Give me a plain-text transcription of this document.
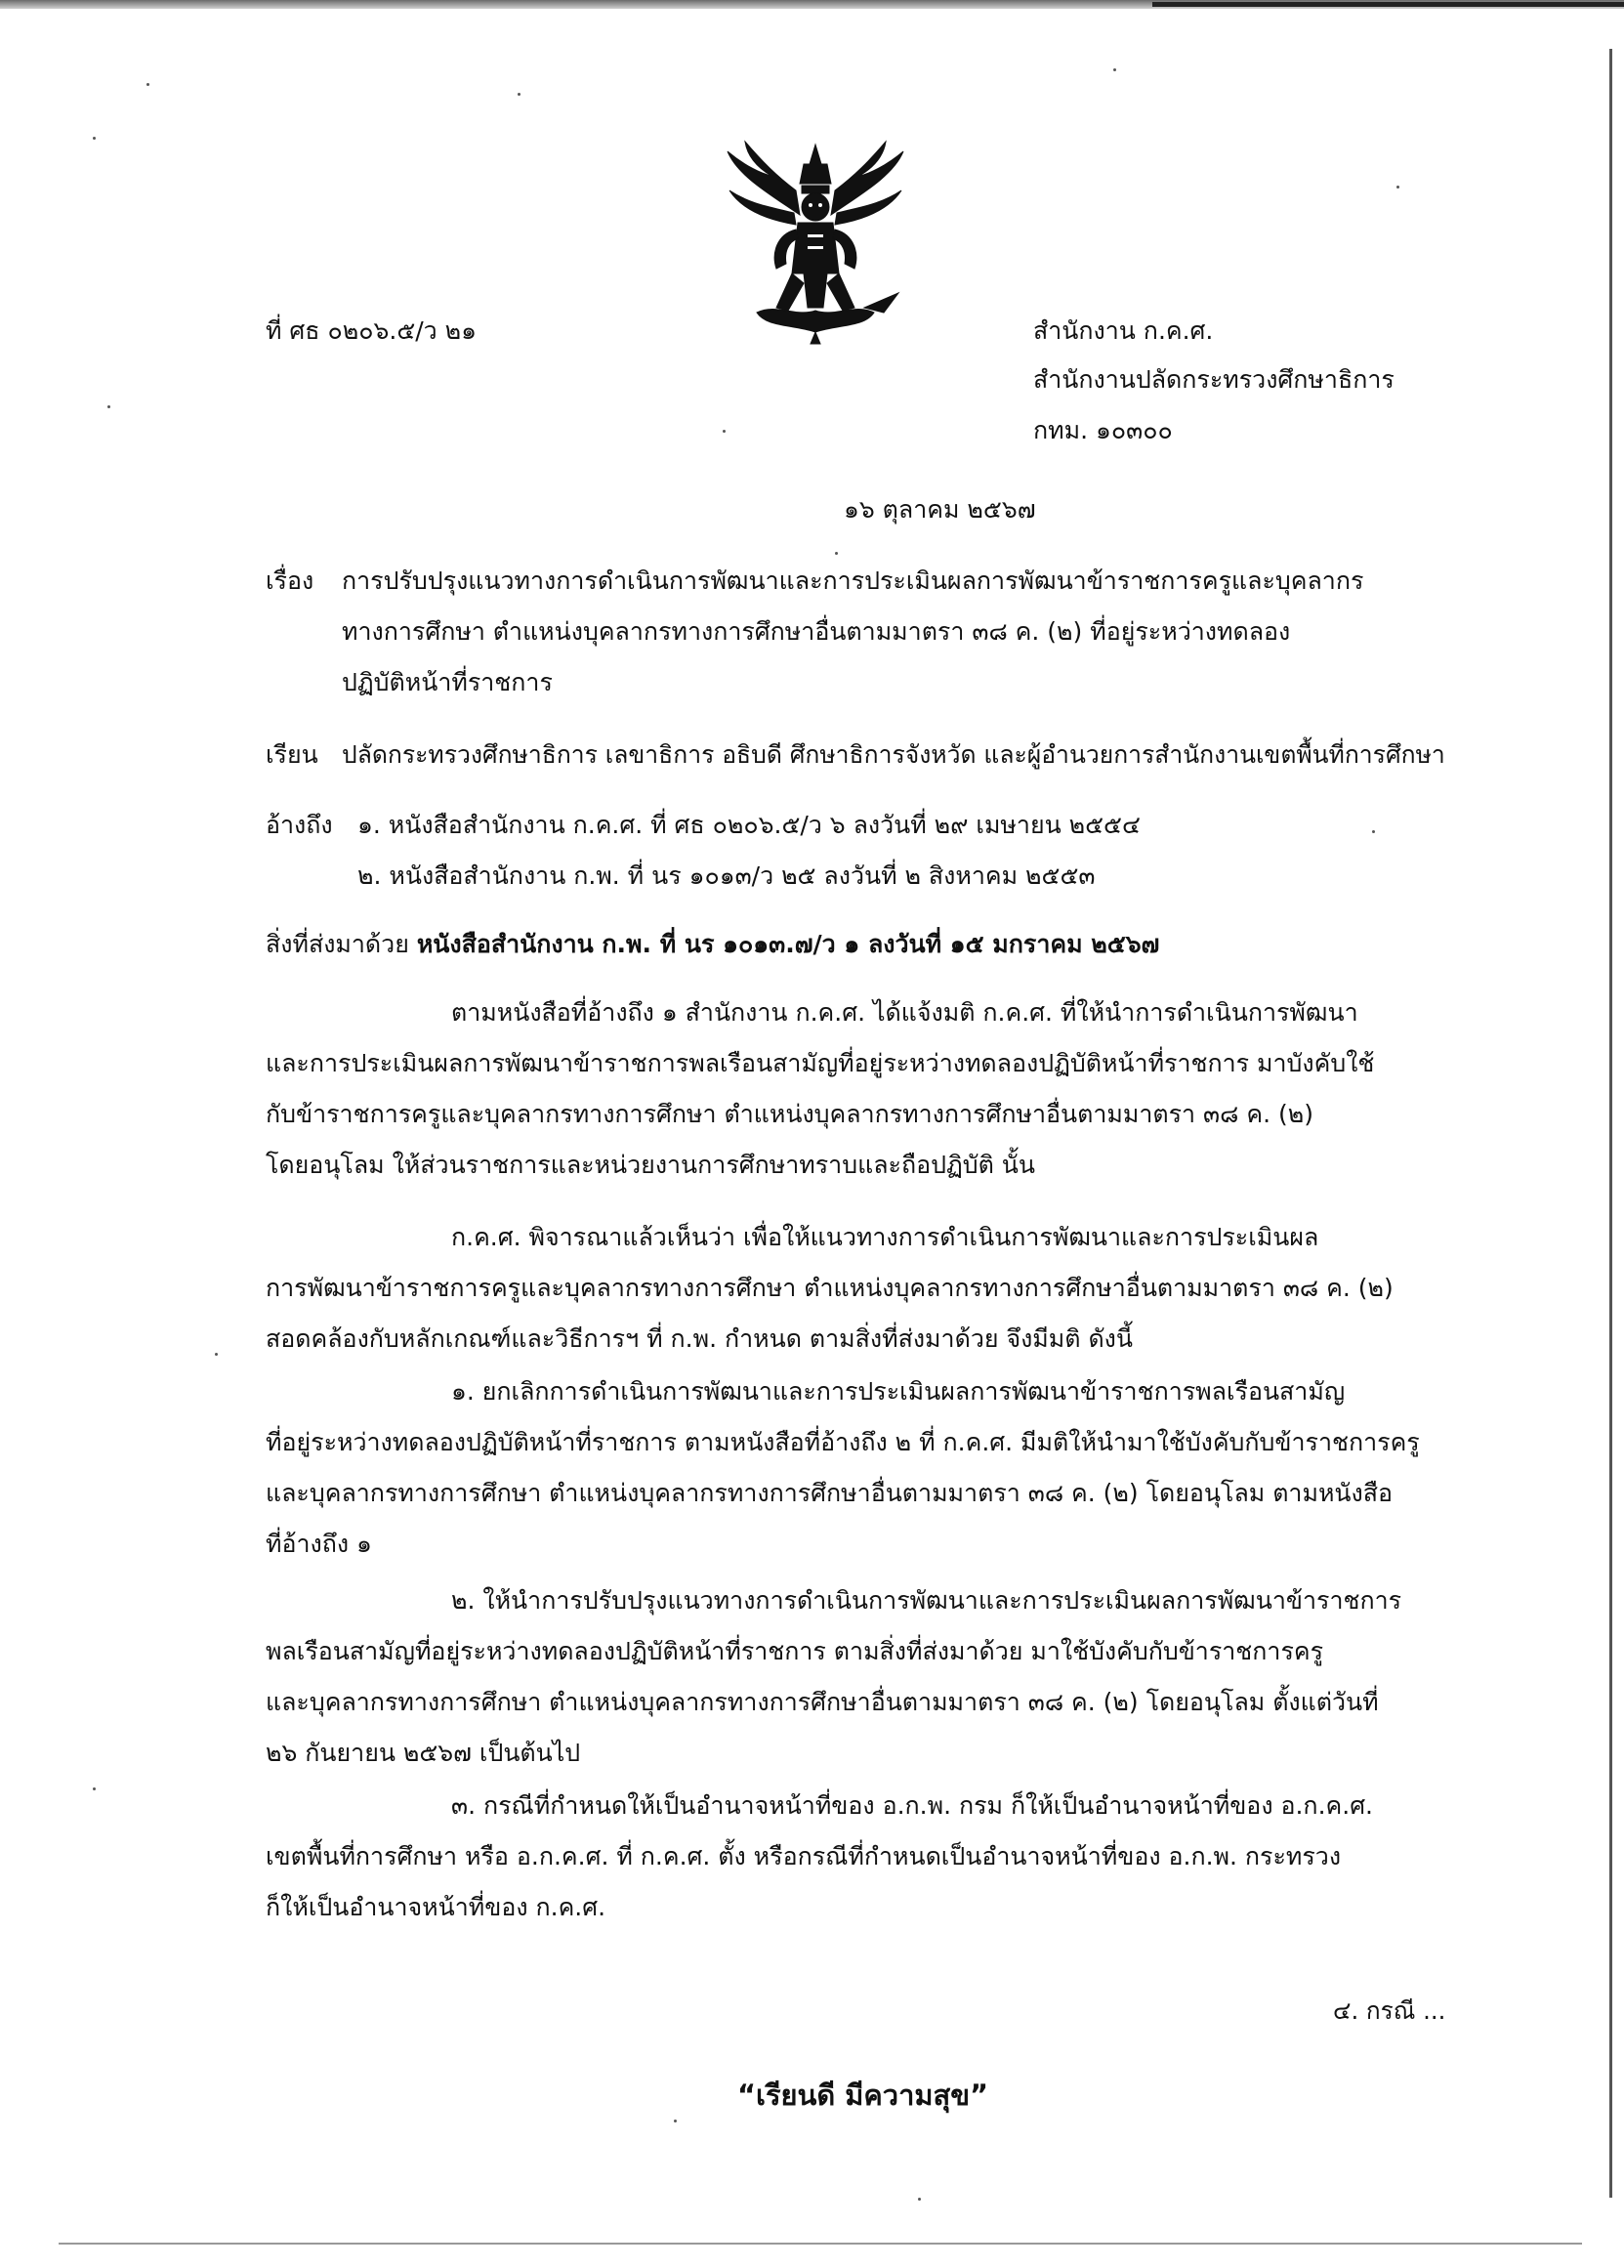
ที่ ศธ ๐๒๐๖.๕/ว ๒๑	สำนักงาน ก.ค.ศ.
สำนักงานปลัดกระทรวงศึกษาธิการ
กทม. ๑๐๓๐๐
๑๖ ตุลาคม ๒๕๖๗
เรื่อง การปรับปรุงแนวทางการดำเนินการพัฒนาและการประเมินผลการพัฒนาข้าราชการครูและบุคลากร
ทางการศึกษา ตำแหน่งบุคลากรทางการศึกษาอื่นตามมาตรา ๓๘ ค. (๒) ที่อยู่ระหว่างทดลอง
ปฏิบัติหน้าที่ราชการ
เรียน ปลัดกระทรวงศึกษาธิการ เลขาธิการ อธิบดี ศึกษาธิการจังหวัด และผู้อำนวยการสำนักงานเขตพื้นที่การศึกษา
อ้างถึง ๑. หนังสือสำนักงาน ก.ค.ศ. ที่ ศธ ๐๒๐๖.๕/ว ๖ ลงวันที่ ๒๙ เมษายน ๒๕๕๔
๒. หนังสือสำนักงาน ก.พ. ที่ นร ๑๐๑๓/ว ๒๕ ลงวันที่ ๒ สิงหาคม ๒๕๕๓
สิ่งที่ส่งมาด้วย หนังสือสำนักงาน ก.พ. ที่ นร ๑๐๑๓.๗/ว ๑ ลงวันที่ ๑๕ มกราคม ๒๕๖๗
ตามหนังสือที่อ้างถึง ๑ สำนักงาน ก.ค.ศ. ได้แจ้งมติ ก.ค.ศ. ที่ให้นำการดำเนินการพัฒนา
และการประเมินผลการพัฒนาข้าราชการพลเรือนสามัญที่อยู่ระหว่างทดลองปฏิบัติหน้าที่ราชการ มาบังคับใช้
กับข้าราชการครูและบุคลากรทางการศึกษา ตำแหน่งบุคลากรทางการศึกษาอื่นตามมาตรา ๓๘ ค. (๒)
โดยอนุโลม ให้ส่วนราชการและหน่วยงานการศึกษาทราบและถือปฏิบัติ นั้น
ก.ค.ศ. พิจารณาแล้วเห็นว่า เพื่อให้แนวทางการดำเนินการพัฒนาและการประเมินผล
การพัฒนาข้าราชการครูและบุคลากรทางการศึกษา ตำแหน่งบุคลากรทางการศึกษาอื่นตามมาตรา ๓๘ ค. (๒)
สอดคล้องกับหลักเกณฑ์และวิธีการฯ ที่ ก.พ. กำหนด ตามสิ่งที่ส่งมาด้วย จึงมีมติ ดังนี้
๑. ยกเลิกการดำเนินการพัฒนาและการประเมินผลการพัฒนาข้าราชการพลเรือนสามัญ
ที่อยู่ระหว่างทดลองปฏิบัติหน้าที่ราชการ ตามหนังสือที่อ้างถึง ๒ ที่ ก.ค.ศ. มีมติให้นำมาใช้บังคับกับข้าราชการครู
และบุคลากรทางการศึกษา ตำแหน่งบุคลากรทางการศึกษาอื่นตามมาตรา ๓๘ ค. (๒) โดยอนุโลม ตามหนังสือ
ที่อ้างถึง ๑
๒. ให้นำการปรับปรุงแนวทางการดำเนินการพัฒนาและการประเมินผลการพัฒนาข้าราชการ
พลเรือนสามัญที่อยู่ระหว่างทดลองปฏิบัติหน้าที่ราชการ ตามสิ่งที่ส่งมาด้วย มาใช้บังคับกับข้าราชการครู
และบุคลากรทางการศึกษา ตำแหน่งบุคลากรทางการศึกษาอื่นตามมาตรา ๓๘ ค. (๒) โดยอนุโลม ตั้งแต่วันที่
๒๖ กันยายน ๒๕๖๗ เป็นต้นไป
๓. กรณีที่กำหนดให้เป็นอำนาจหน้าที่ของ อ.ก.พ. กรม ก็ให้เป็นอำนาจหน้าที่ของ อ.ก.ค.ศ.
เขตพื้นที่การศึกษา หรือ อ.ก.ค.ศ. ที่ ก.ค.ศ. ตั้ง หรือกรณีที่กำหนดเป็นอำนาจหน้าที่ของ อ.ก.พ. กระทรวง
ก็ให้เป็นอำนาจหน้าที่ของ ก.ค.ศ.
๔. กรณี ...
“เรียนดี มีความสุข”
